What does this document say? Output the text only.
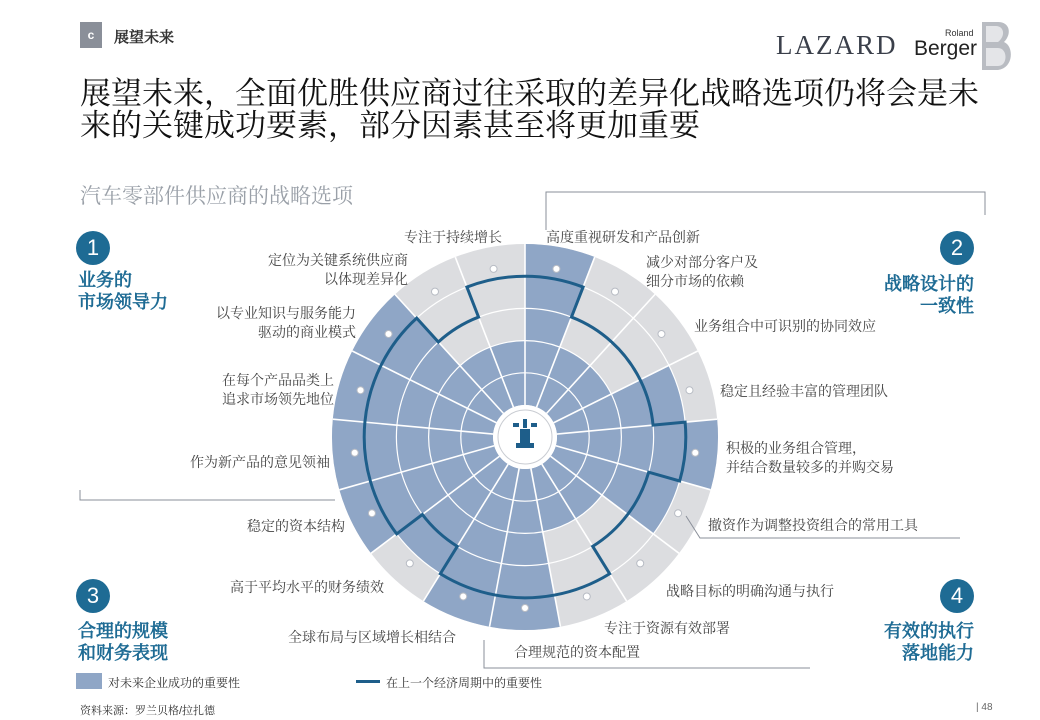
c	展望未来	LAZARD	Roland
Berger
展望未来，全面优胜供应商过往采取的差异化战略选项仍将会是未来的关键成功要素，部分因素甚至将更加重要
汽车零部件供应商的战略选项
1
业务的
市场领导力
2
战略设计的
一致性
3
合理的规模
和财务表现
4
有效的执行
落地能力
高度重视研发和产品创新
减少对部分客户及
细分市场的依赖
业务组合中可识别的协同效应
稳定且经验丰富的管理团队
积极的业务组合管理，
并结合数量较多的并购交易
撤资作为调整投资组合的常用工具
战略目标的明确沟通与执行
专注于资源有效部署
合理规范的资本配置
全球布局与区域增长相结合
高于平均水平的财务绩效
稳定的资本结构
作为新产品的意见领袖
在每个产品品类上
追求市场领先地位
以专业知识与服务能力
驱动的商业模式
定位为关键系统供应商
以体现差异化
专注于持续增长
对未来企业成功的重要性	在上一个经济周期中的重要性
资料来源：罗兰贝格/拉扎德	| 48
